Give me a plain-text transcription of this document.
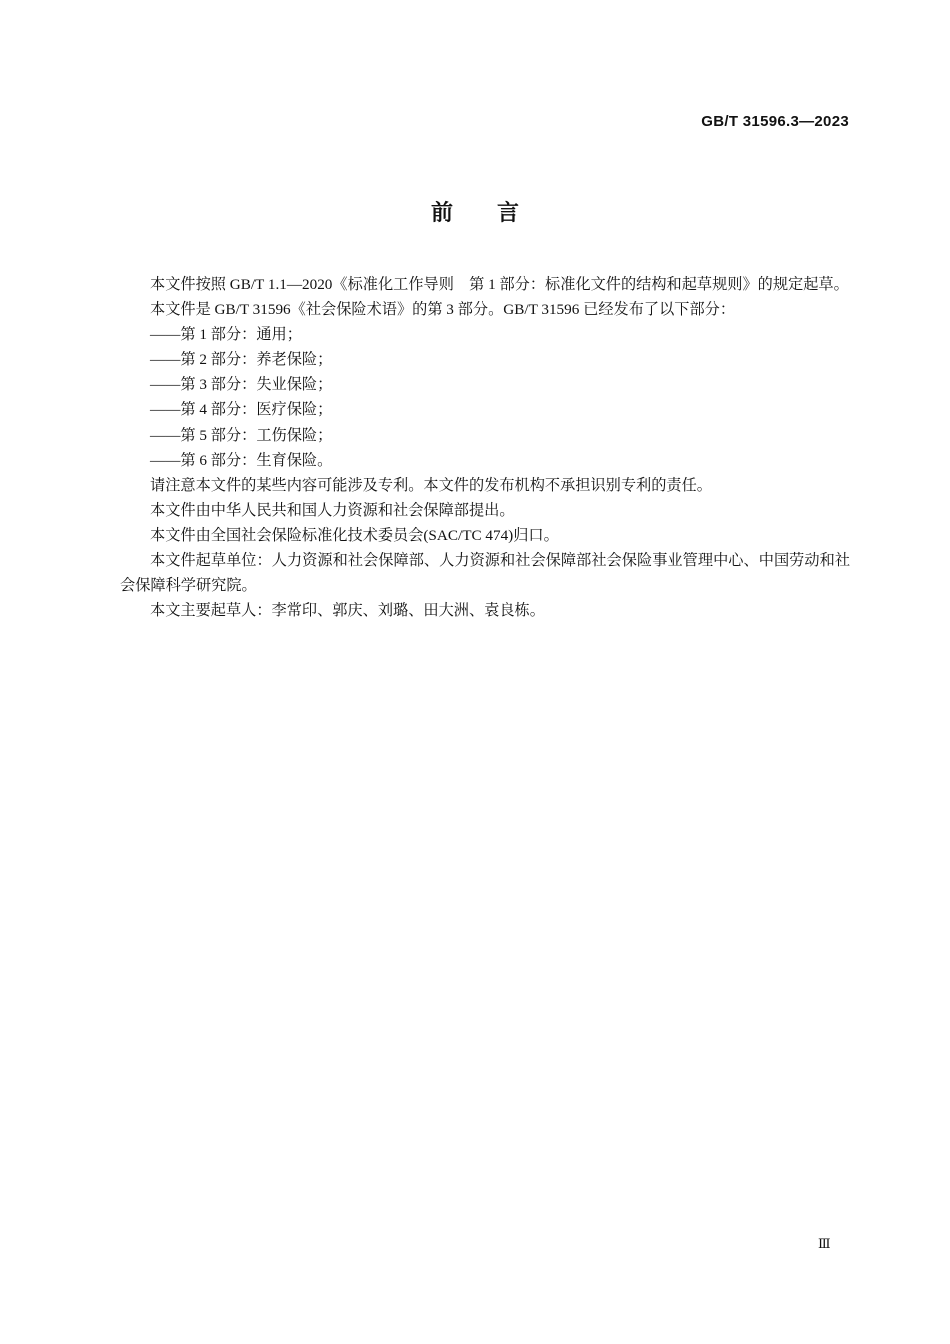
GB/T 31596.3—2023
前　　言

本文件按照 GB/T 1.1—2020《标准化工作导则　第 1 部分：标准化文件的结构和起草规则》的规定起草。

本文件是 GB/T 31596《社会保险术语》的第 3 部分。GB/T 31596 已经发布了以下部分：

——第 1 部分：通用；

——第 2 部分：养老保险；

——第 3 部分：失业保险；

——第 4 部分：医疗保险；

——第 5 部分：工伤保险；

——第 6 部分：生育保险。

请注意本文件的某些内容可能涉及专利。本文件的发布机构不承担识别专利的责任。

本文件由中华人民共和国人力资源和社会保障部提出。

本文件由全国社会保险标准化技术委员会(SAC/TC 474)归口。

本文件起草单位：人力资源和社会保障部、人力资源和社会保障部社会保险事业管理中心、中国劳动和社会保障科学研究院。

本文主要起草人：李常印、郭庆、刘璐、田大洲、袁良栋。

Ⅲ
